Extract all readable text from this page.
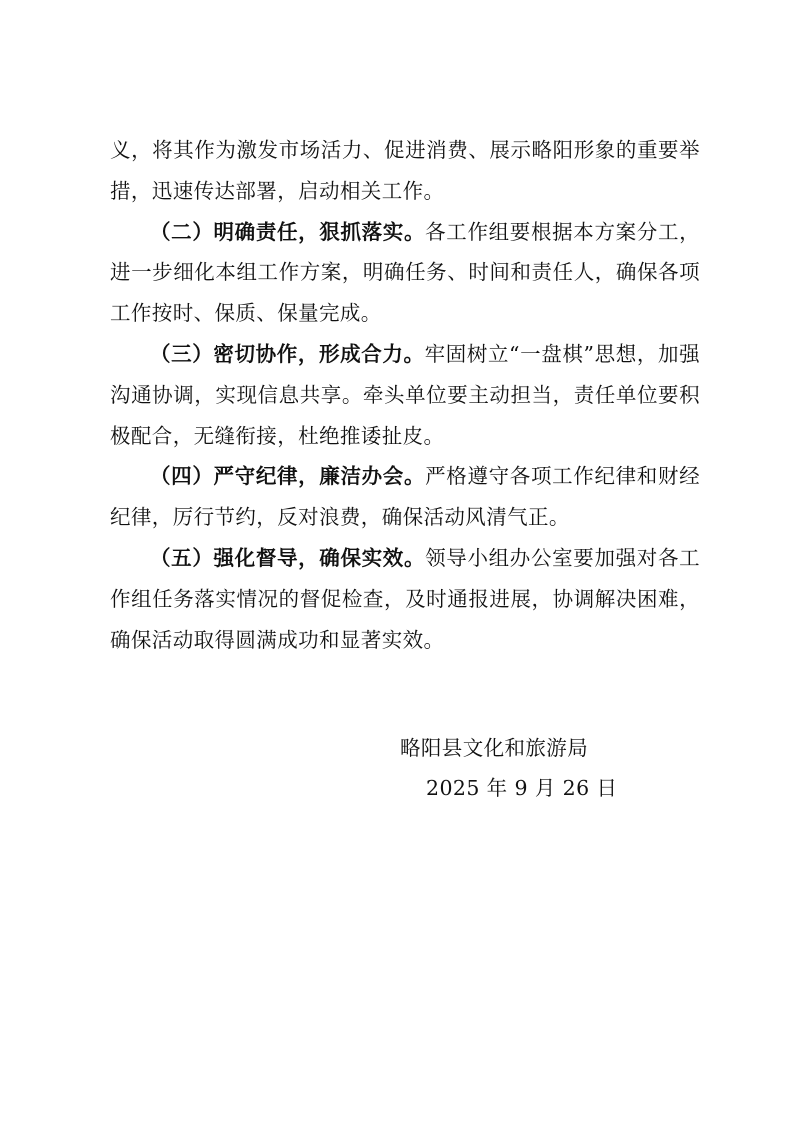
义，将其作为激发市场活力、促进消费、展示略阳形象的重要举措，迅速传达部署，启动相关工作。

（二）明确责任，狠抓落实。各工作组要根据本方案分工，进一步细化本组工作方案，明确任务、时间和责任人，确保各项工作按时、保质、保量完成。

（三）密切协作，形成合力。牢固树立“一盘棋”思想，加强沟通协调，实现信息共享。牵头单位要主动担当，责任单位要积极配合，无缝衔接，杜绝推诿扯皮。

（四）严守纪律，廉洁办会。严格遵守各项工作纪律和财经纪律，厉行节约，反对浪费，确保活动风清气正。

（五）强化督导，确保实效。领导小组办公室要加强对各工作组任务落实情况的督促检查，及时通报进展，协调解决困难，确保活动取得圆满成功和显著实效。

略阳县文化和旅游局
2025 年 9 月 26 日
